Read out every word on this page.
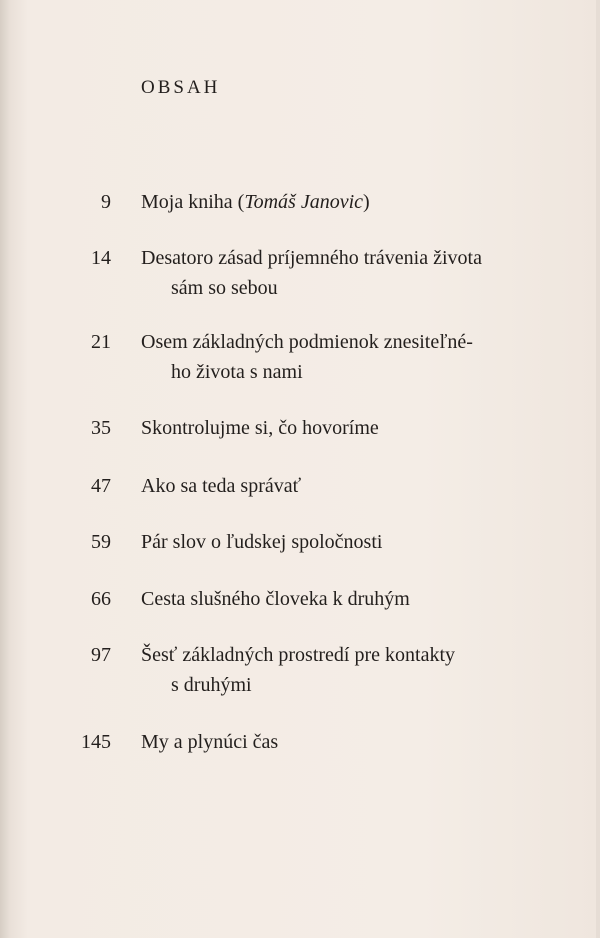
OBSAH
9 Moja kniha (Tomáš Janovic)
14 Desatoro zásad príjemného trávenia života
sám so sebou
21 Osem základných podmienok znesiteľné-
ho života s nami
35 Skontrolujme si, čo hovoríme
47 Ako sa teda správať
59 Pár slov o ľudskej spoločnosti
66 Cesta slušného človeka k druhým
97 Šesť základných prostredí pre kontakty
s druhými
145 My a plynúci čas
